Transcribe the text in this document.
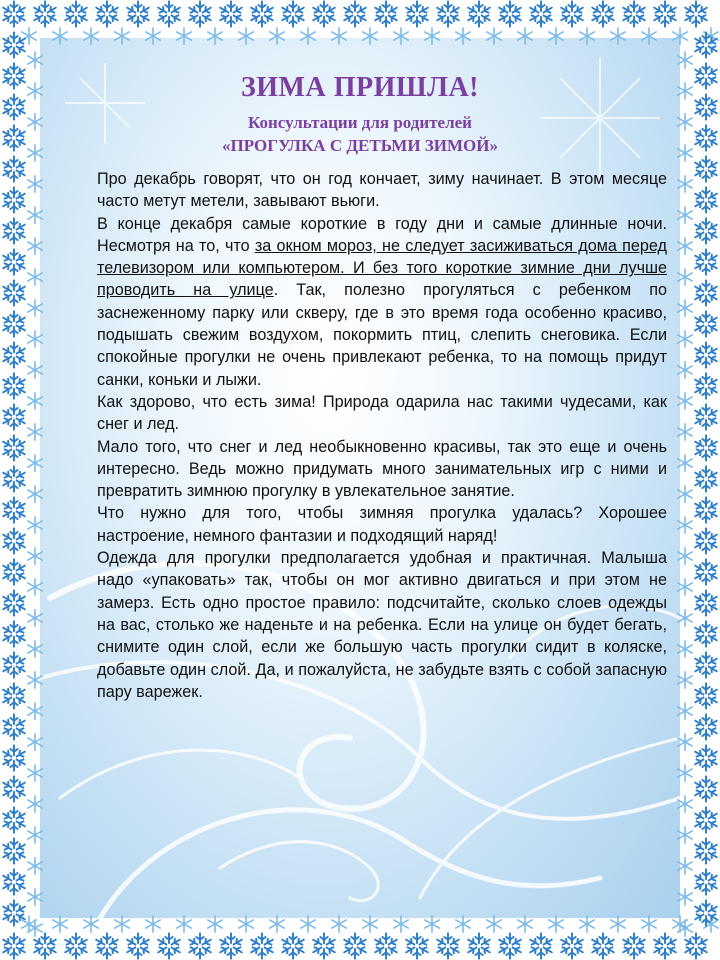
ЗИМА ПРИШЛА!
Консультации для родителей
«ПРОГУЛКА С ДЕТЬМИ ЗИМОЙ»

Про декабрь говорят, что он год кончает, зиму начинает. В этом месяце часто метут метели, завывают вьюги.

В конце декабря самые короткие в году дни и самые длинные ночи. Несмотря на то, что за окном мороз, не следует засиживаться дома перед телевизором или компьютером. И без того короткие зимние дни лучше проводить на улице. Так, полезно прогуляться с ребенком по заснеженному парку или скверу, где в это время года особенно красиво, подышать свежим воздухом, покормить птиц, слепить снеговика. Если спокойные прогулки не очень привлекают ребенка, то на помощь придут санки, коньки и лыжи.

Как здорово, что есть зима! Природа одарила нас такими чудесами, как снег и лед.

Мало того, что снег и лед необыкновенно красивы, так это еще и очень интересно. Ведь можно придумать много занимательных игр с ними и превратить зимнюю прогулку в увлекательное занятие.

Что нужно для того, чтобы зимняя прогулка удалась? Хорошее настроение, немного фантазии и подходящий наряд!

Одежда для прогулки предполагается удобная и практичная. Малыша надо «упаковать» так, чтобы он мог активно двигаться и при этом не замерз. Есть одно простое правило: подсчитайте, сколько слоев одежды на вас, столько же наденьте и на ребенка. Если на улице он будет бегать, снимите один слой, если же большую часть прогулки сидит в коляске, добавьте один слой. Да, и пожалуйста, не забудьте взять с собой запасную пару варежек.
